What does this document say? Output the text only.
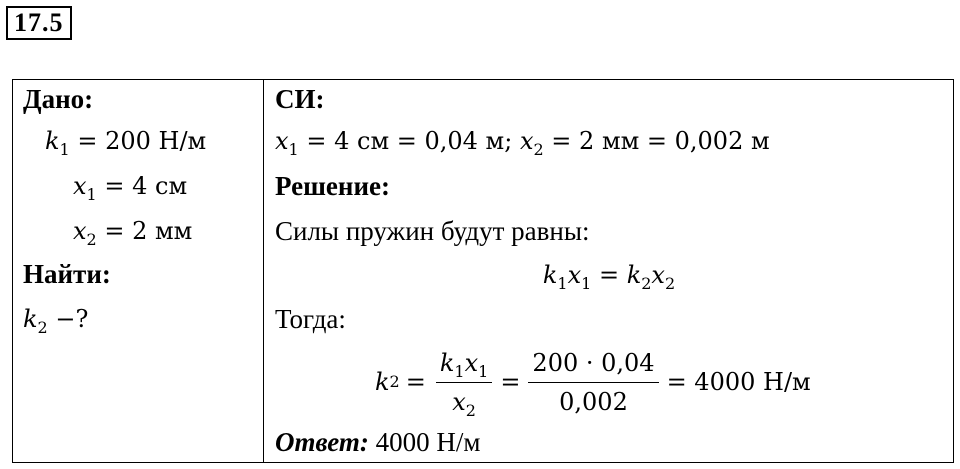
17.5
Дано:
$k_1 = 200$ Н/м
$x_1 = 4$ см
$x_2 = 2$ мм
Найти:
$k_2$ −?
СИ:
$x_1 = 4$ см = 0,04 м; $x_2 = 2$ мм = 0,002 м
Решение:
Силы пружин будут равны:
$k_1x_1 = k_2x_2$
Тогда:
k $2 = \frac{k_1x_1}{x_2} = \frac{200 \cdot 0,04}{0,002} = 4000$ Н/м
Ответ: 4000 Н/м
